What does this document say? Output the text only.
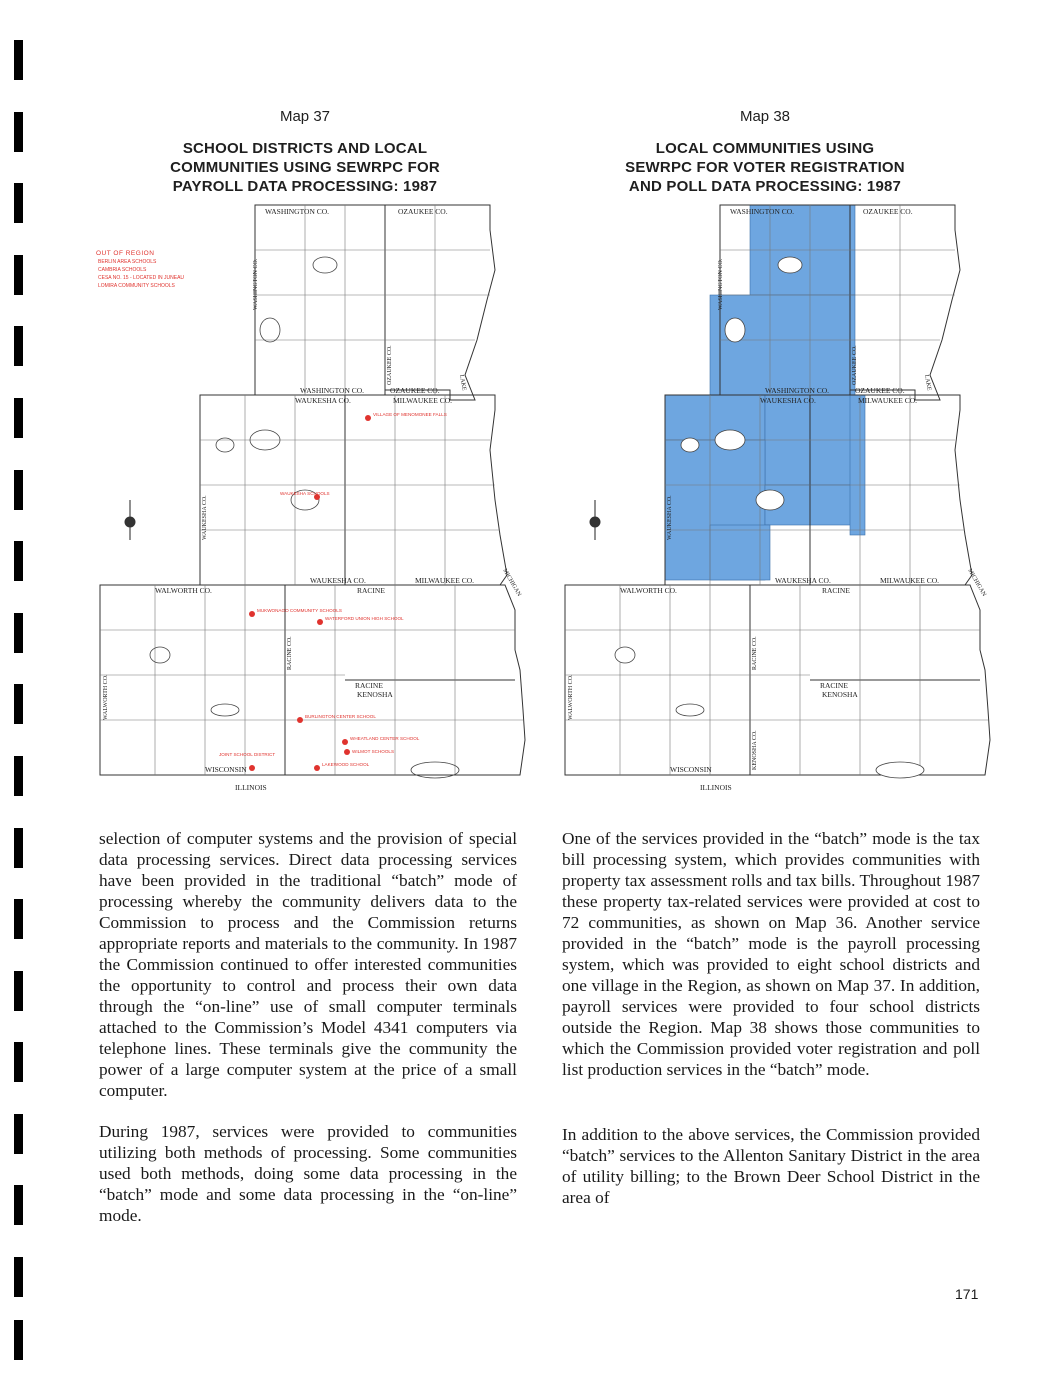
Map 37
SCHOOL DISTRICTS AND LOCAL
COMMUNITIES USING SEWRPC FOR
PAYROLL DATA PROCESSING: 1987
Map 38
LOCAL COMMUNITIES USING
SEWRPC FOR VOTER REGISTRATION
AND POLL DATA PROCESSING: 1987
OUT OF REGION
BERLIN AREA SCHOOLS
CAMBRIA SCHOOLS
CESA NO. 15 - LOCATED IN JUNEAU
LOMIRA COMMUNITY SCHOOLS
WASHINGTON CO.	OZAUKEE CO.
WASHINGTON CO.	OZAUKEE CO.
WAUKESHA CO.	MILWAUKEE CO.
WAUKESHA CO.	MILWAUKEE CO.
WALWORTH CO.	RACINE
RACINE
KENOSHA
WISCONSIN
ILLINOIS
LAKE
MICHIGAN
WASHINGTON CO.
OZAUKEE CO.
WAUKESHA CO.
WALWORTH CO.
RACINE CO.
VILLAGE OF MENOMONEE FALLS
WAUKESHA SCHOOLS
MUKWONAGO COMMUNITY SCHOOLS
WATERFORD UNION HIGH SCHOOL
BURLINGTON CENTER SCHOOL
WHEATLAND CENTER SCHOOL
WILMOT SCHOOLS
LAKEWOOD SCHOOL
JOINT SCHOOL DISTRICT
WASHINGTON CO.	OZAUKEE CO.
WASHINGTON CO.	OZAUKEE CO.
WAUKESHA CO.	MILWAUKEE CO.
WAUKESHA CO.	MILWAUKEE CO.
WALWORTH CO.	RACINE
RACINE
KENOSHA
WISCONSIN
ILLINOIS
LAKE
MICHIGAN
WASHINGTON CO.
OZAUKEE CO.
WAUKESHA CO.
WALWORTH CO.
RACINE CO.
KENOSHA CO.

selection of computer systems and the provision of special data processing services. Direct data processing services have been provided in the traditional “batch” mode of processing whereby the community delivers data to the Commission to process and the Commission returns appropriate reports and materials to the community. In 1987 the Commission continued to offer interested communities the opportunity to control and process their own data through the “on-line” use of small computer terminals attached to the Commission’s Model 4341 computers via telephone lines. These terminals give the community the power of a large computer system at the price of a small computer.

During 1987, services were provided to communities utilizing both methods of processing. Some communities used both methods, doing some data processing in the “batch” mode and some data processing in the “on-line” mode.

One of the services provided in the “batch” mode is the tax bill processing system, which provides communities with property tax assessment rolls and tax bills. Throughout 1987 these property tax-related services were provided at cost to 72 communities, as shown on Map 36. Another service provided in the “batch” mode is the payroll processing system, which was provided to eight school districts and one village in the Region, as shown on Map 37. In addition, payroll services were provided to four school districts outside the Region. Map 38 shows those communities to which the Commission provided voter registration and poll list production services in the “batch” mode.

In addition to the above services, the Commission provided “batch” services to the Allenton Sanitary District in the area of utility billing; to the Brown Deer School District in the area of

171
